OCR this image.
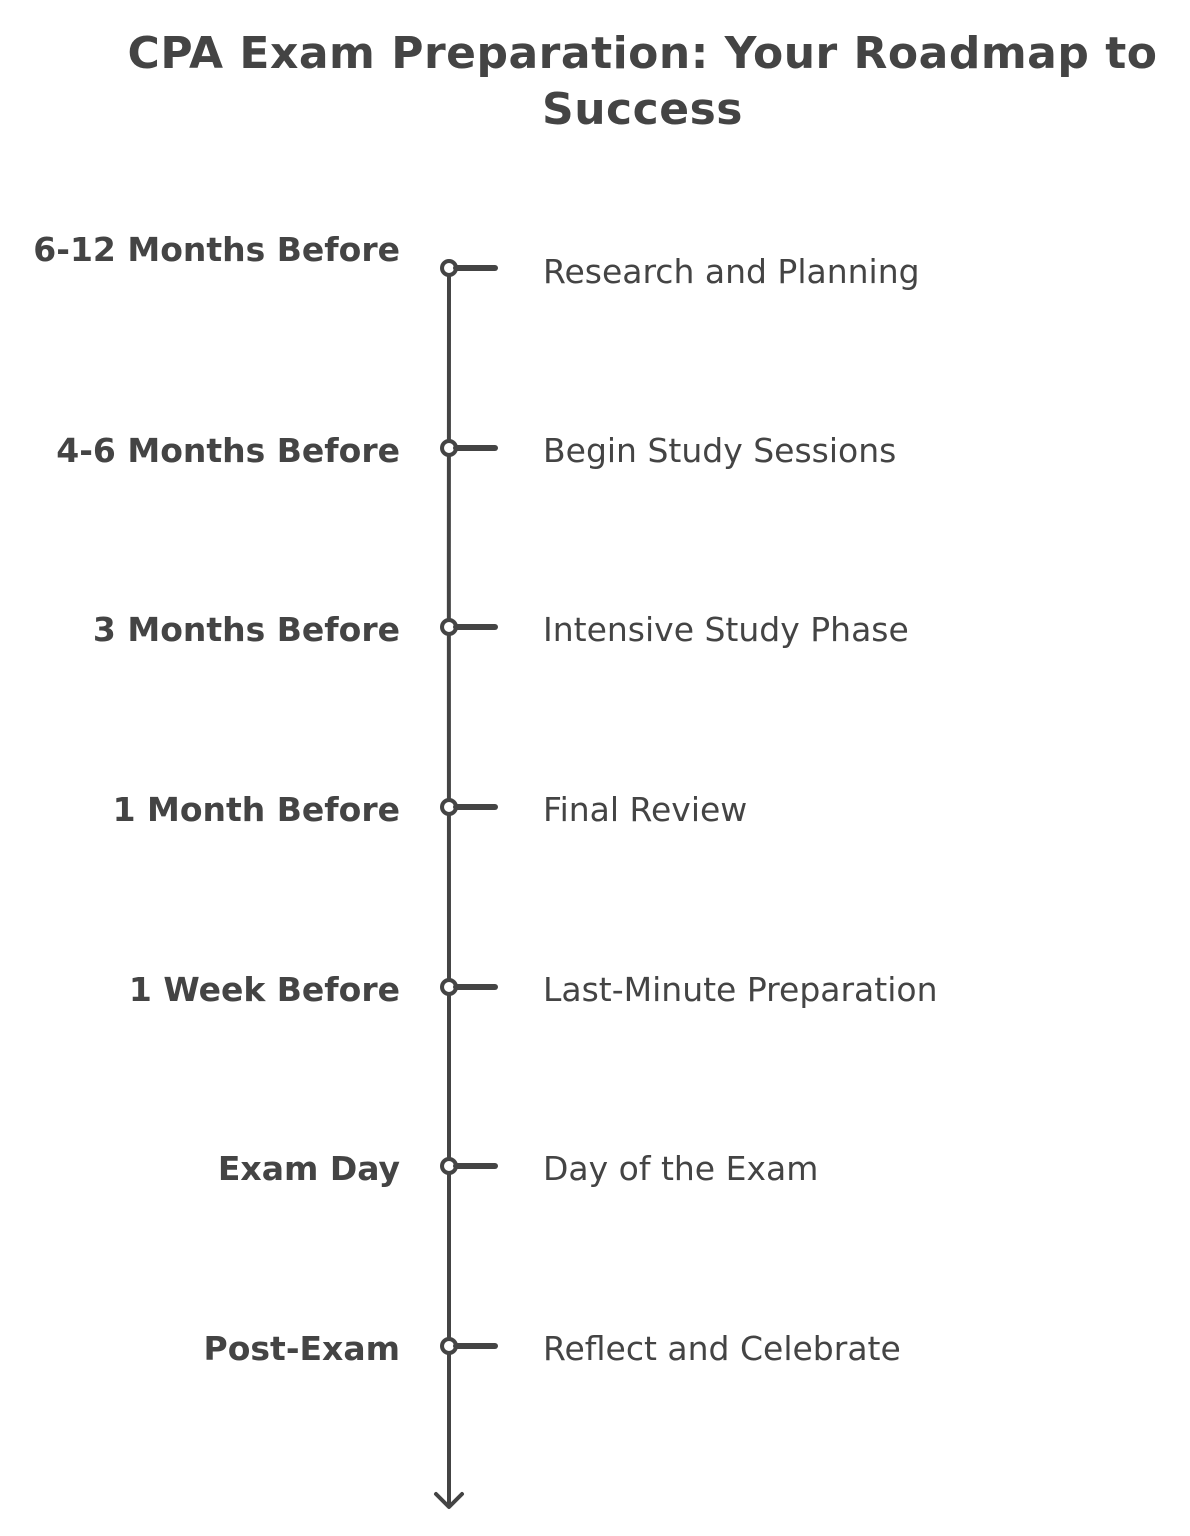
CPA Exam Preparation: Your Roadmap to Success
6-12 Months Before
4-6 Months Before
3 Months Before
1 Month Before
1 Week Before
Exam Day
Post-Exam
Research and Planning
Begin Study Sessions
Intensive Study Phase
Final Review
Last-Minute Preparation
Day of the Exam
Reflect and Celebrate
